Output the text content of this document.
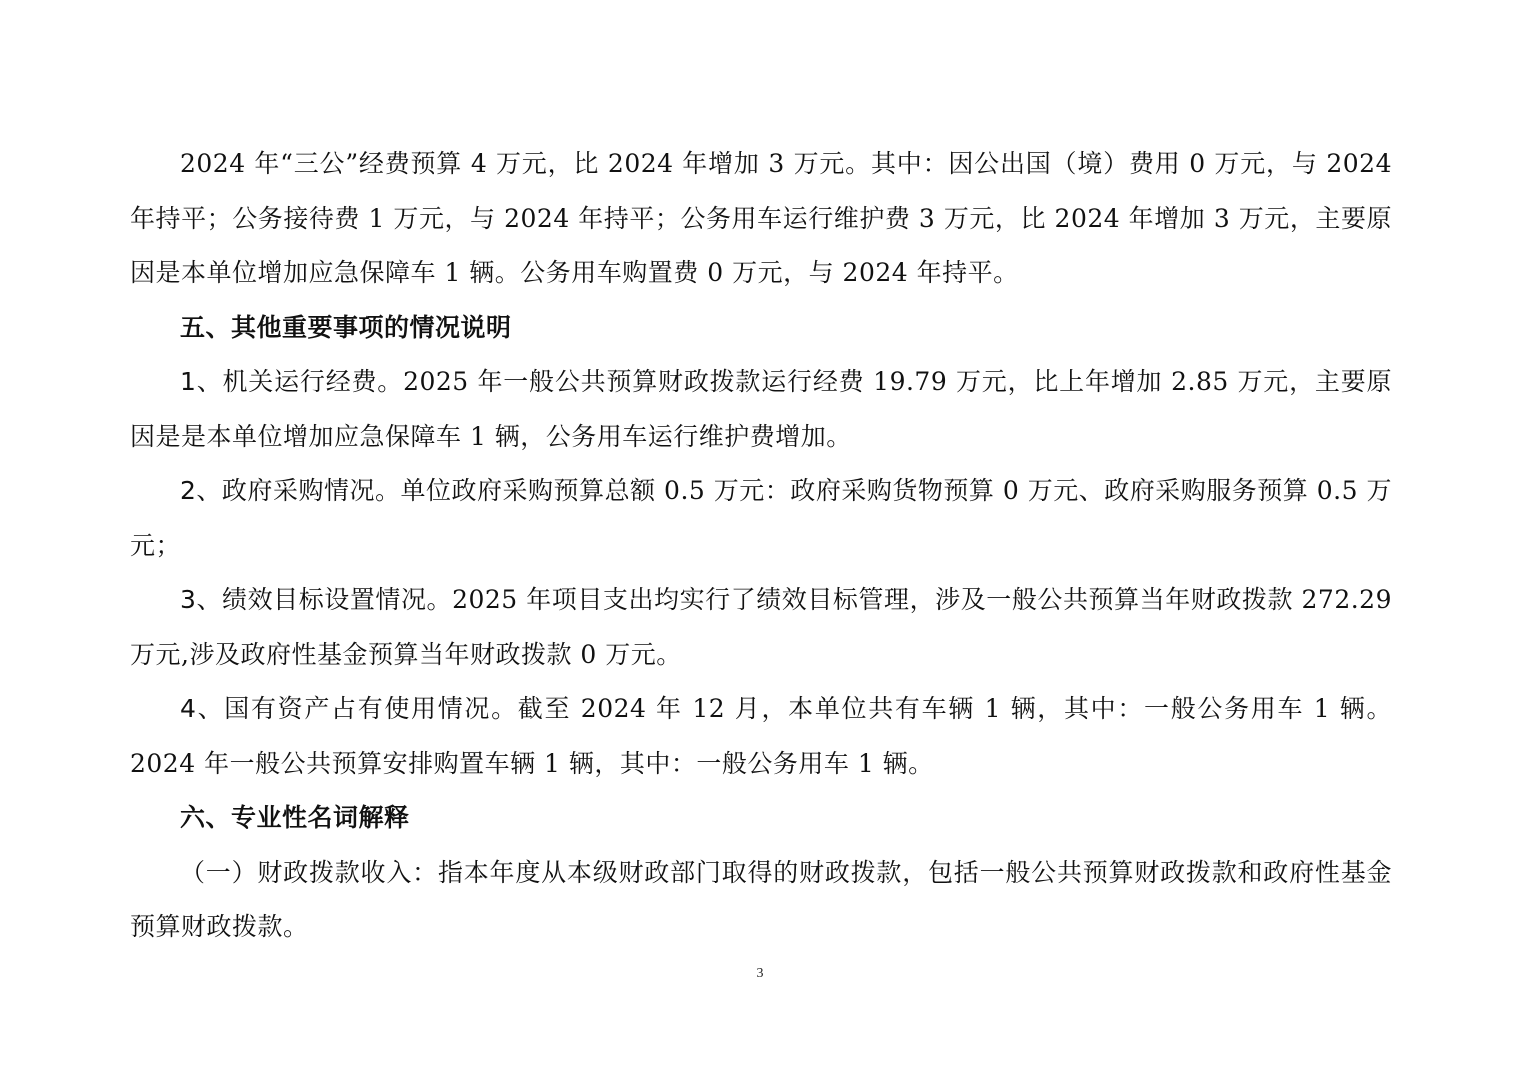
2024 年“三公”经费预算 4 万元，比 2024 年增加 3 万元。其中：因公出国（境）费用 0 万元，与 2024 年持平；公务接待费 1 万元，与 2024 年持平；公务用车运行维护费 3 万元，比 2024 年增加 3 万元，主要原因是本单位增加应急保障车 1 辆。公务用车购置费 0 万元，与 2024 年持平。

五、其他重要事项的情况说明

1、机关运行经费。2025 年一般公共预算财政拨款运行经费 19.79 万元，比上年增加 2.85 万元，主要原因是是本单位增加应急保障车 1 辆，公务用车运行维护费增加。

2、政府采购情况。单位政府采购预算总额 0.5 万元：政府采购货物预算 0 万元、政府采购服务预算 0.5 万元；

3、绩效目标设置情况。2025 年项目支出均实行了绩效目标管理，涉及一般公共预算当年财政拨款 272.29 万元,涉及政府性基金预算当年财政拨款 0 万元。

4、国有资产占有使用情况。截至 2024 年 12 月，本单位共有车辆 1 辆，其中：一般公务用车 1 辆。2024 年一般公共预算安排购置车辆 1 辆，其中：一般公务用车 1 辆。

六、专业性名词解释

（一）财政拨款收入：指本年度从本级财政部门取得的财政拨款，包括一般公共预算财政拨款和政府性基金预算财政拨款。

3
